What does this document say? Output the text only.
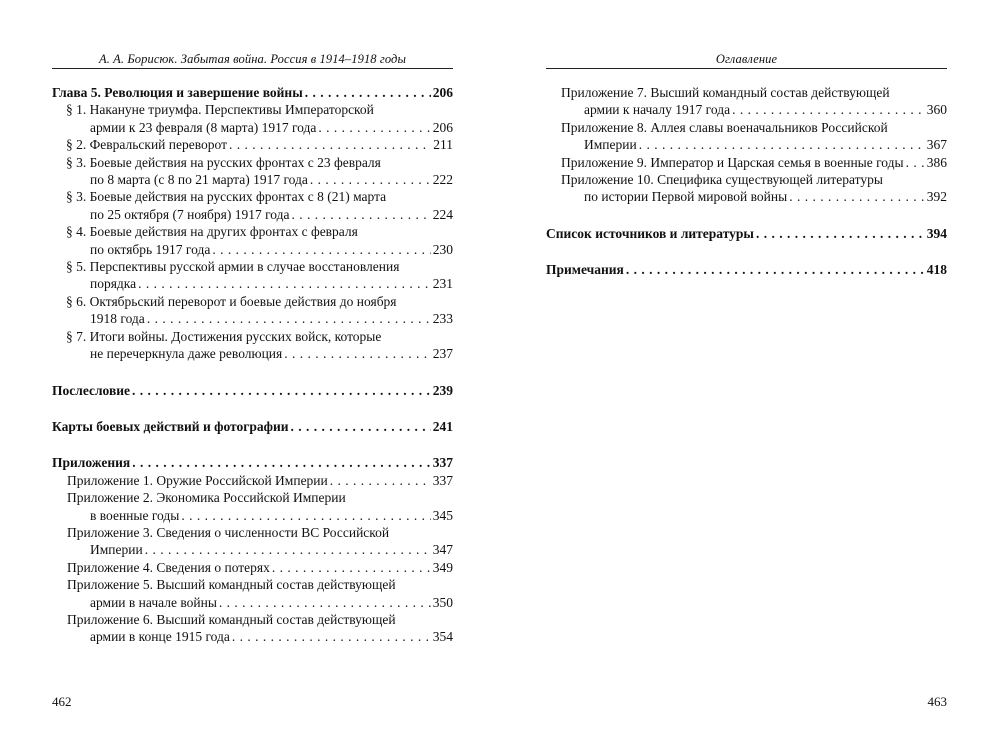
А. А. Борисюк. Забытая война. Россия в 1914–1918 годы
Глава 5. Революция и завершение войны . . .	206
§ 1. Накануне триумфа. Перспективы Императорской
армии к 23 февраля (8 марта) 1917 года . . .	206
§ 2. Февральский переворот . . .	211
§ 3. Боевые действия на русских фронтах с 23 февраля
по 8 марта (с 8 по 21 марта) 1917 года . . .	222
§ 3. Боевые действия на русских фронтах с 8 (21) марта
по 25 октября (7 ноября) 1917 года . . .	224
§ 4. Боевые действия на других фронтах с февраля
по октябрь 1917 года . . .	230
§ 5. Перспективы русской армии в случае восстановления
порядка . . .	231
§ 6. Октябрьский переворот и боевые действия до ноября
1918 года . . .	233
§ 7. Итоги войны. Достижения русских войск, которые
не перечеркнула даже революция . . .	237
Послесловие . . .	239
Карты боевых действий и фотографии . . .	241
Приложения . . .	337
Приложение 1. Оружие Российской Империи . . .	337
Приложение 2. Экономика Российской Империи
в военные годы . . .	345
Приложение 3. Сведения о численности ВС Российской
Империи . . .	347
Приложение 4. Сведения о потерях . . .	349
Приложение 5. Высший командный состав действующей
армии в начале войны . . .	350
Приложение 6. Высший командный состав действующей
армии в конце 1915 года . . .	354
462
Оглавление
Приложение 7. Высший командный состав действующей
армии к началу 1917 года . . .	360
Приложение 8. Аллея славы военачальников Российской
Империи . . .	367
Приложение 9. Император и Царская семья в военные годы . . . 386
Приложение 10. Специфика существующей литературы
по истории Первой мировой войны . . .	392
Список источников и литературы . . .	394
Примечания . . .	418
463
